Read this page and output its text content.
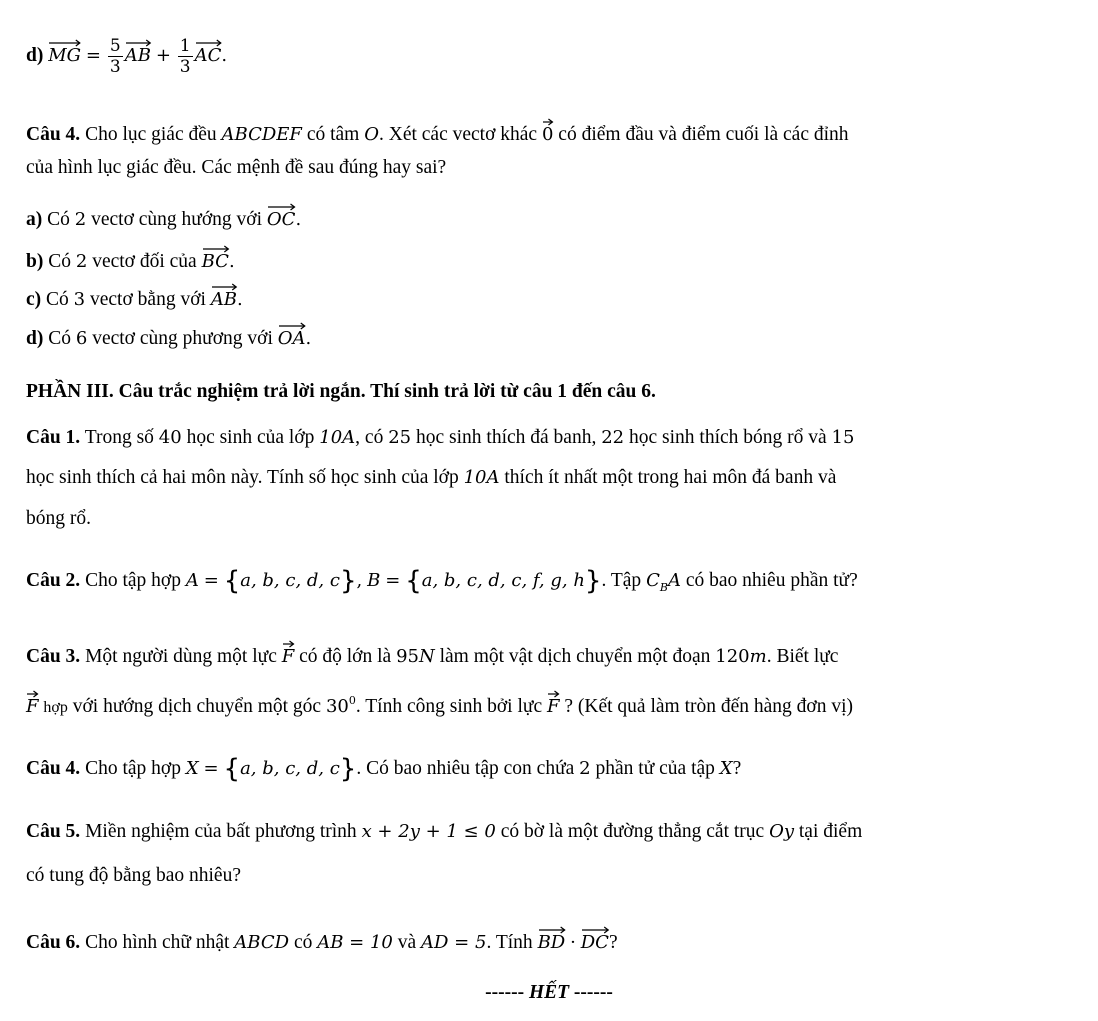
d) MG = $\frac{5}{3}$ AB + $\frac{1}{3}$ AC.
Câu 4. Cho lục giác đều ABCDEF có tâm O. Xét các vectơ khác 0 có điểm đầu và điểm cuối là các đỉnh
của hình lục giác đều. Các mệnh đề sau đúng hay sai?
a) Có 2 vectơ cùng hướng với OC.
b) Có 2 vectơ đối của BC.
c) Có 3 vectơ bằng với AB.
d) Có 6 vectơ cùng phương với OA.
PHẦN III. Câu trắc nghiệm trả lời ngắn. Thí sinh trả lời từ câu 1 đến câu 6.
Câu 1. Trong số 40 học sinh của lớp 10A, có 25 học sinh thích đá banh, 22 học sinh thích bóng rổ và 15
học sinh thích cả hai môn này. Tính số học sinh của lớp 10A thích ít nhất một trong hai môn đá banh và
bóng rổ.
Câu 2. Cho tập hợp A = {a, b, c, d, c}, B = {a, b, c, d, c, f, g, h}. Tập $C_BA$ có bao nhiêu phần tử?
Câu 3. Một người dùng một lực F có độ lớn là 95N làm một vật dịch chuyển một đoạn 120m. Biết lực
F hợp với hướng dịch chuyển một góc $30^0$. Tính công sinh bởi lực F ? (Kết quả làm tròn đến hàng đơn vị)
Câu 4. Cho tập hợp X = {a, b, c, d, c}. Có bao nhiêu tập con chứa 2 phần tử của tập X?
Câu 5. Miền nghiệm của bất phương trình x + 2y + 1 ≤ 0 có bờ là một đường thẳng cắt trục Oy tại điểm
có tung độ bằng bao nhiêu?
Câu 6. Cho hình chữ nhật ABCD có AB = 10 và AD = 5. Tính BD · DC?
------ HẾT ------
